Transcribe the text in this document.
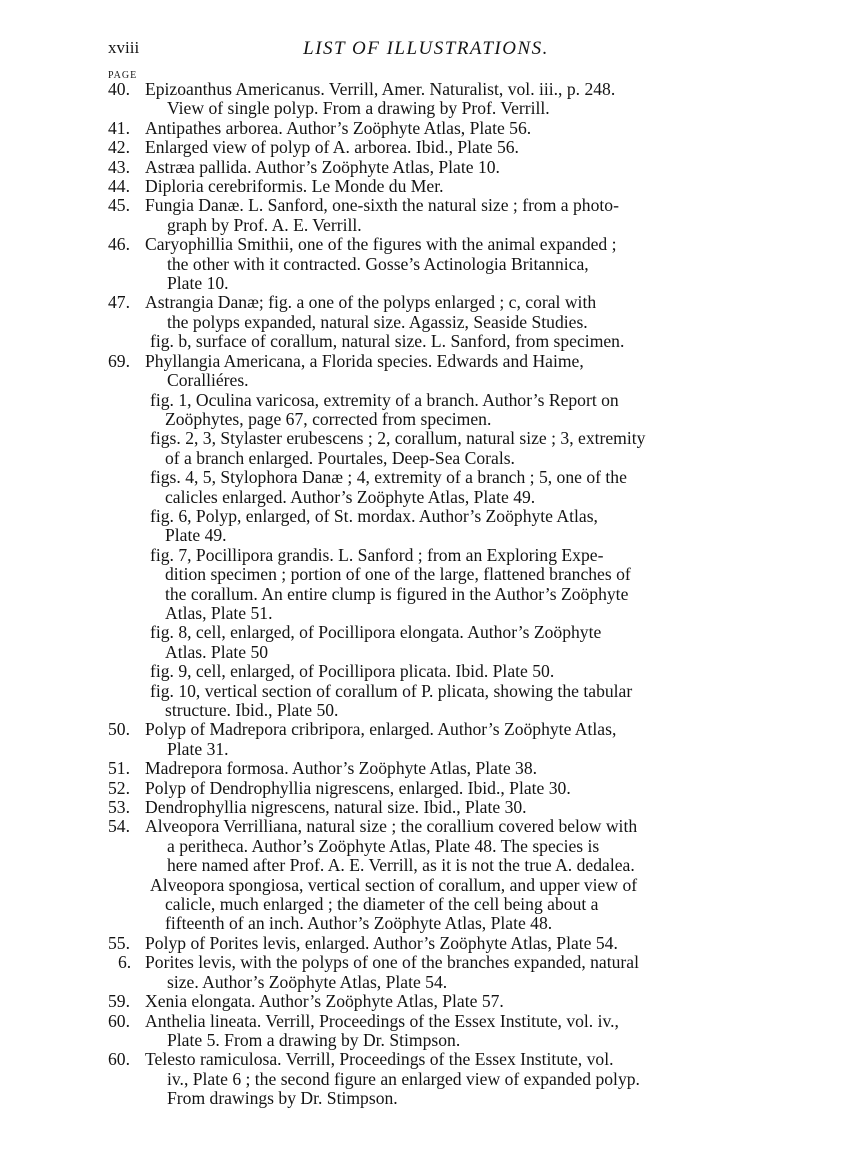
xviii	LIST OF ILLUSTRATIONS.
PAGE
40. Epizoanthus Americanus. Verrill, Amer. Naturalist, vol. iii., p. 248.
View of single polyp. From a drawing by Prof. Verrill.
41. Antipathes arborea. Author’s Zoöphyte Atlas, Plate 56.
42. Enlarged view of polyp of A. arborea. Ibid., Plate 56.
43. Astræa pallida. Author’s Zoöphyte Atlas, Plate 10.
44. Diploria cerebriformis. Le Monde du Mer.
45. Fungia Danæ. L. Sanford, one-sixth the natural size ; from a photo-
graph by Prof. A. E. Verrill.
46. Caryophillia Smithii, one of the figures with the animal expanded ;
the other with it contracted. Gosse’s Actinologia Britannica,
Plate 10.
47. Astrangia Danæ; fig. a one of the polyps enlarged ; c, coral with
the polyps expanded, natural size. Agassiz, Seaside Studies.
fig. b, surface of corallum, natural size. L. Sanford, from specimen.
69. Phyllangia Americana, a Florida species. Edwards and Haime,
Coralliéres.
fig. 1, Oculina varicosa, extremity of a branch. Author’s Report on
Zoöphytes, page 67, corrected from specimen.
figs. 2, 3, Stylaster erubescens ; 2, corallum, natural size ; 3, extremity
of a branch enlarged. Pourtales, Deep-Sea Corals.
figs. 4, 5, Stylophora Danæ ; 4, extremity of a branch ; 5, one of the
calicles enlarged. Author’s Zoöphyte Atlas, Plate 49.
fig. 6, Polyp, enlarged, of St. mordax. Author’s Zoöphyte Atlas,
Plate 49.
fig. 7, Pocillipora grandis. L. Sanford ; from an Exploring Expe-
dition specimen ; portion of one of the large, flattened branches of
the corallum. An entire clump is figured in the Author’s Zoöphyte
Atlas, Plate 51.
fig. 8, cell, enlarged, of Pocillipora elongata. Author’s Zoöphyte
Atlas. Plate 50
fig. 9, cell, enlarged, of Pocillipora plicata. Ibid. Plate 50.
fig. 10, vertical section of corallum of P. plicata, showing the tabular
structure. Ibid., Plate 50.
50. Polyp of Madrepora cribripora, enlarged. Author’s Zoöphyte Atlas,
Plate 31.
51. Madrepora formosa. Author’s Zoöphyte Atlas, Plate 38.
52. Polyp of Dendrophyllia nigrescens, enlarged. Ibid., Plate 30.
53. Dendrophyllia nigrescens, natural size. Ibid., Plate 30.
54. Alveopora Verrilliana, natural size ; the corallium covered below with
a peritheca. Author’s Zoöphyte Atlas, Plate 48. The species is
here named after Prof. A. E. Verrill, as it is not the true A. dedalea.
Alveopora spongiosa, vertical section of corallum, and upper view of
calicle, much enlarged ; the diameter of the cell being about a
fifteenth of an inch. Author’s Zoöphyte Atlas, Plate 48.
55. Polyp of Porites levis, enlarged. Author’s Zoöphyte Atlas, Plate 54.
6. Porites levis, with the polyps of one of the branches expanded, natural
size. Author’s Zoöphyte Atlas, Plate 54.
59. Xenia elongata. Author’s Zoöphyte Atlas, Plate 57.
60. Anthelia lineata. Verrill, Proceedings of the Essex Institute, vol. iv.,
Plate 5. From a drawing by Dr. Stimpson.
60. Telesto ramiculosa. Verrill, Proceedings of the Essex Institute, vol.
iv., Plate 6 ; the second figure an enlarged view of expanded polyp.
From drawings by Dr. Stimpson.
